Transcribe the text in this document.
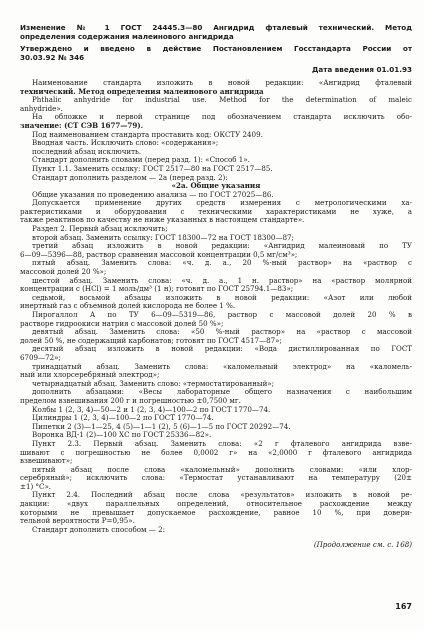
Изменение № 1 ГОСТ 24445.3—80 Ангидрид фталевый технический. Метод
определения содержания малеинового ангидрида
Утверждено и введено в действие Постановлением Госстандарта России от
30.03.92 № 346
Дата введения 01.01.93
Наименование стандарта изложить в новой редакции: «Ангидрид фталевый
технический. Метод определения малеинового ангидрида
Phthalic anhydride for industrial use. Method for the determination of maleic
anhydride».
На обложке и первой странице под обозначением стандарта исключить обо-
значение: (СТ СЭВ 1677—79).
Под наименованием стандарта проставить код: ОКСТУ 2409.
Вводная часть. Исключить слово: «содержания»;
последний абзац исключить.
Стандарт дополнить словами (перед разд. 1): «Способ 1».
Пункт 1.1. Заменить ссылку: ГОСТ 2517—80 на ГОСТ 2517—85.
Стандарт дополнить разделом — 2а (перед разд. 2):
«2а. Общие указания
Общие указания по проведению анализа — по ГОСТ 27025—86.
Допускается применение других средств измерения с метрологическими ха-
рактеристиками и оборудования с техническими характеристиками не хуже, а
также реактивов по качеству не ниже указанных в настоящем стандарте».
Раздел 2. Первый абзац исключить;
второй абзац. Заменить ссылку: ГОСТ 18300—72 на ГОСТ 18300—87;
третий абзац изложить в новой редакции: «Ангидрид малеиновый по ТУ
6—09—5396—88, раствор сравнения массовой концентрации 0,5 мг/см³»;
пятый абзац. Заменить слова: «ч. д. а., 20 %-ный раствор» на «раствор с
массовой долей 20 %»;
шестой абзац. Заменить слова: «ч. д. а., 1 н. раствор» на «раствор молярной
концентрации с (HCl) = 1 моль/дм³ (1 н); готовят по ГОСТ 25794.1—83»;
седьмой, восьмой абзацы изложить в новой редакции: «Азот или любой
инертный газ с объемной долей кислорода не более 1 %.
Пирогаллол А по ТУ 6—09—5319—86, раствор с массовой долей 20 % в
растворе гидроокиси натрия с массовой долей 50 %»;
девятый абзац. Заменить слова: «50 %-ный раствор» на «раствор с массовой
долей 50 %, не содержащий карбонатов; готовят по ГОСТ 4517—87»;
десятый абзац изложить в новой редакции: «Вода дистиллированная по ГОСТ
6709—72»;
тринадцатый абзац. Заменить слова: «каломельный электрод» на «каломель-
ный или хлорсеребряный электрод»;
четырнадцатый абзац. Заменить слово: «термостатированный»;
дополнить абзацами: «Весы лабораторные общего назначения с наибольшим
пределом взвешивания 200 г и погрешностью ±0,7500 мг.
Колбы 1 (2, 3, 4)—50—2 и 1 (2, 3, 4)—100—2 по ГОСТ 1770—74.
Цилиндры 1 (2, 3, 4)—100—2 по ГОСТ 1770—74.
Пипетки 2 (3)—1—25, 4 (5)—1—1 (2), 5 (6)—1—5 по ГОСТ 20292—74.
Воронка ВД-1 (2)—100 ХС по ГОСТ 25336—82».
Пункт 2.3. Первый абзац. Заменить слова: «2 г фталевого ангидрида взве-
шивают с погрешностью не более 0,0002 г» на «2,0000 г фталевого ангидрида
взвешивают»;
пятый абзац после слова «каломельный» дополнить словами: «или хлор-
серебряный»; исключить слова: «Термостат устанавливают на температуру (20±
±1) °С».
Пункт 2.4. Последний абзац после слова «результатов» изложить в новой ре-
дакции: «двух параллельных определений, относительное расхождение между
которыми не превышает допускаемое расхождение, равное 10 %, при довери-
тельной вероятности Р=0,95».
Стандарт дополнить способом — 2:
(Продолжение см. с. 168)
167
